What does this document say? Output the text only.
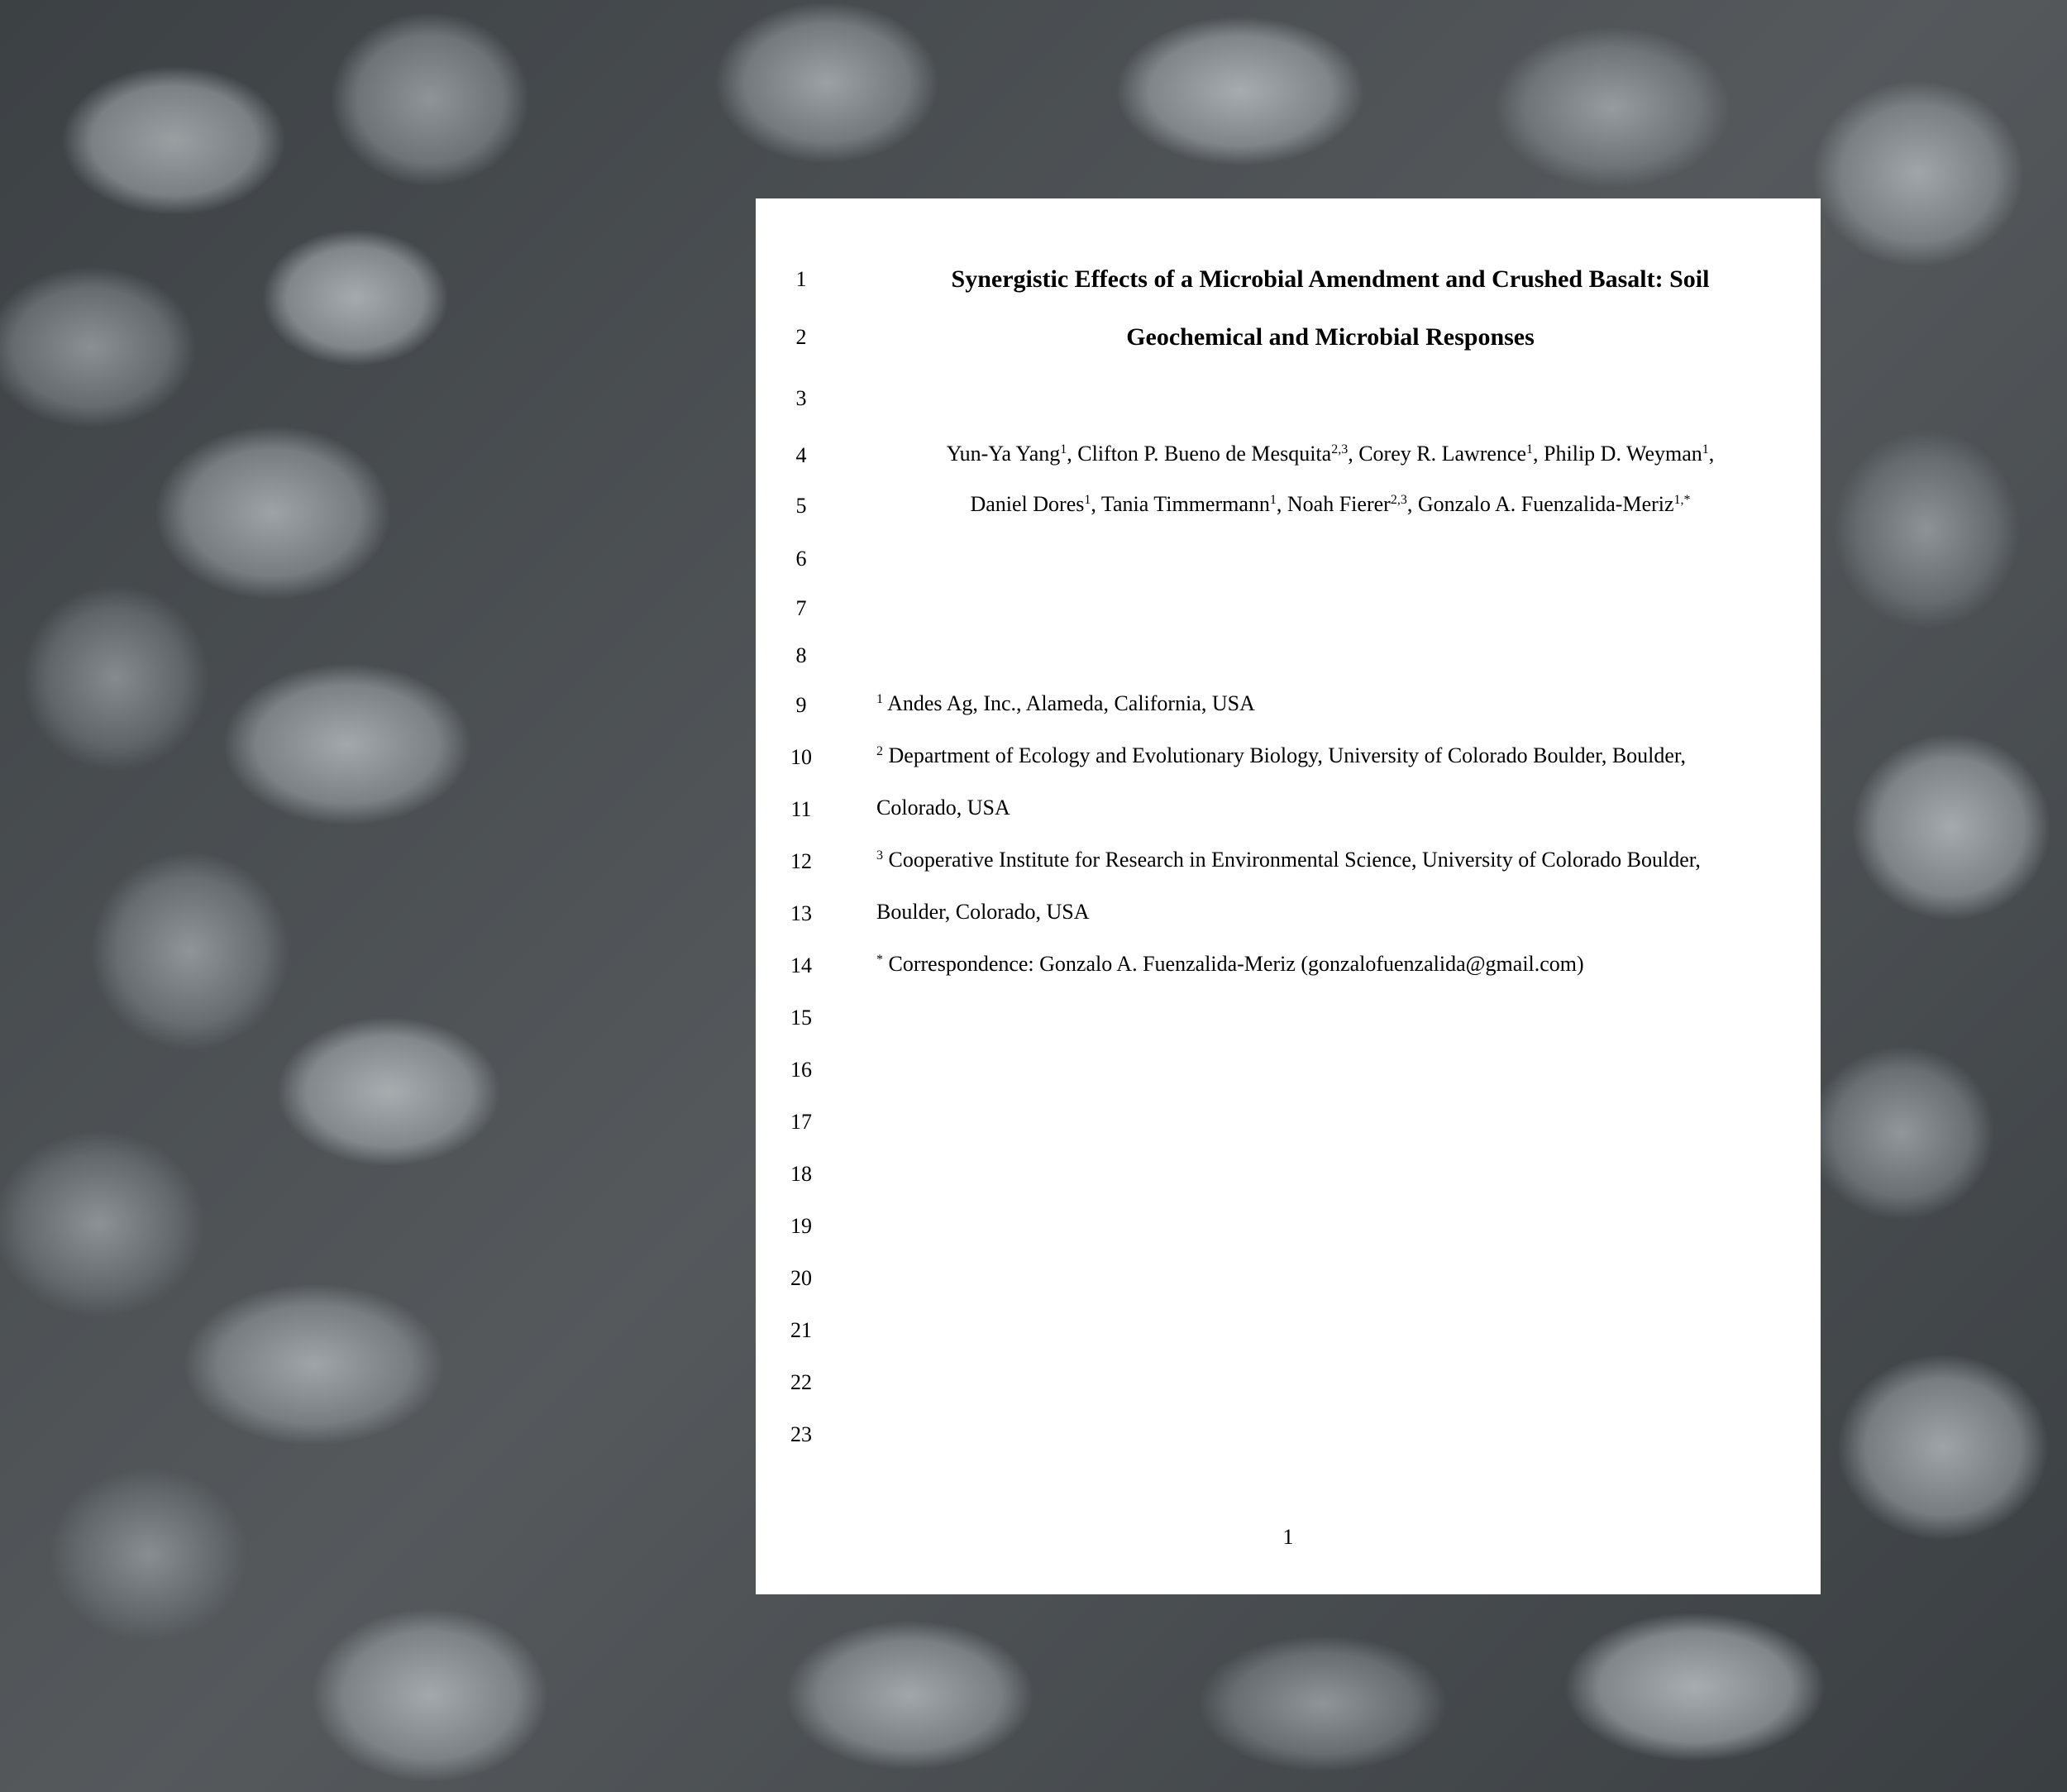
1
2
3
4
5
6
7
8
9
10
11
12
13
14
15
16
17
18
19
20
21
22
23
Synergistic Effects of a Microbial Amendment and Crushed Basalt: Soil
Geochemical and Microbial Responses
Yun-Ya Yang$^1$, Clifton P. Bueno de Mesquita$^{2,3}$, Corey R. Lawrence$^1$, Philip D. Weyman$^1$,
Daniel Dores$^1$, Tania Timmermann$^1$, Noah Fierer$^{2,3}$, Gonzalo A. Fuenzalida-Meriz$^{1,*}$
$^1$ Andes Ag, Inc., Alameda, California, USA
$^2$ Department of Ecology and Evolutionary Biology, University of Colorado Boulder, Boulder,
Colorado, USA
$^3$ Cooperative Institute for Research in Environmental Science, University of Colorado Boulder,
Boulder, Colorado, USA
* Correspondence: Gonzalo A. Fuenzalida-Meriz (gonzalofuenzalida@gmail.com)
1
